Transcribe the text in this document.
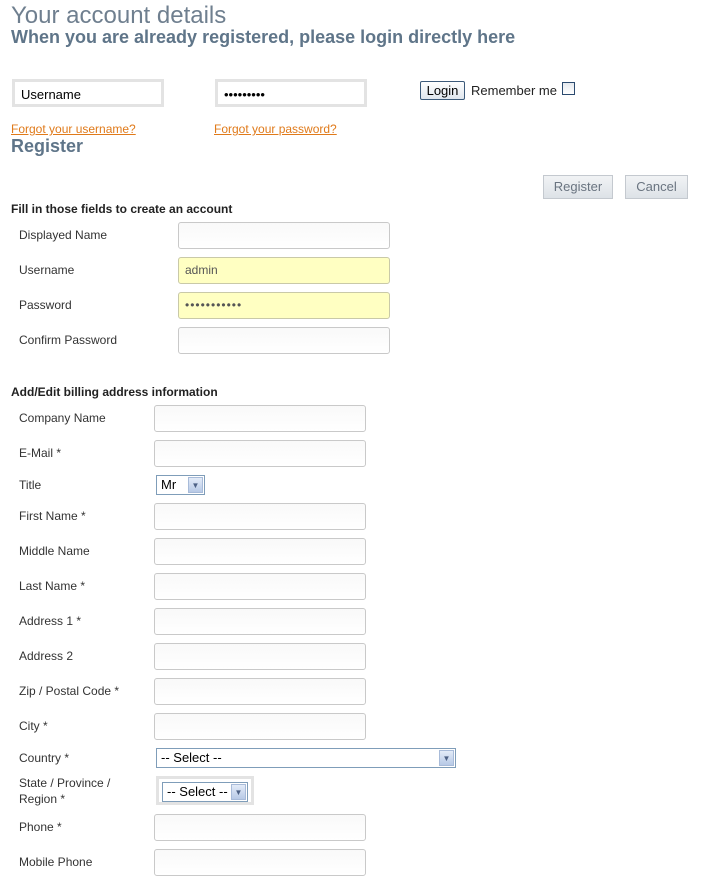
Your account details
When you are already registered, please login directly here
Username	•••••••••	Login Remember me
Forgot your username?	Forgot your password?
Register
Register	Cancel
Fill in those fields to create an account
Displayed Name
Username	admin
Password	•••••••••••
Confirm Password
Add/Edit billing address information
Company Name
E-Mail *
Title	Mr	▼
First Name *
Middle Name
Last Name *
Address 1 *
Address 2
Zip / Postal Code *
City *
Country *	-- Select --	▼
State / Province /
Region *	-- Select -- ▼
Phone *
Mobile Phone
